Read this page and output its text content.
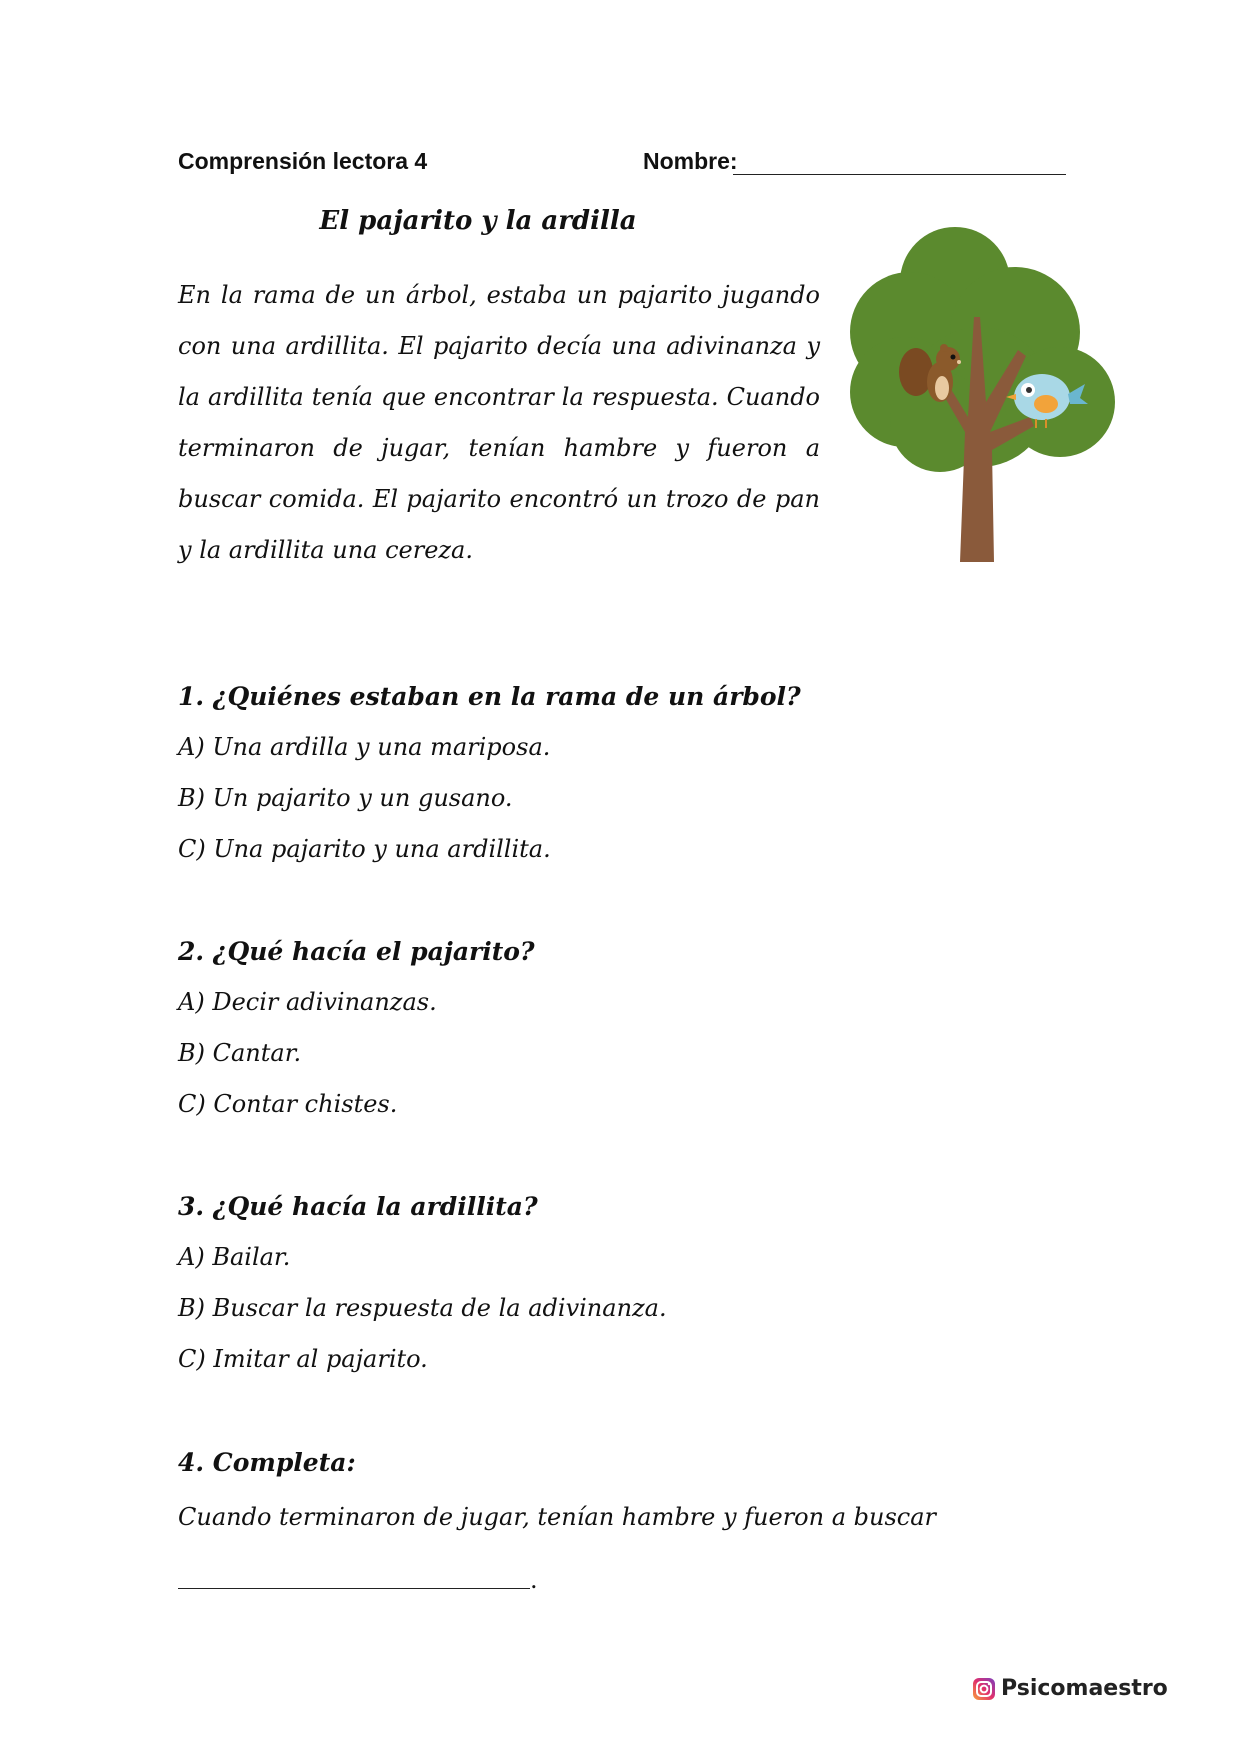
Comprensión lectora 4	Nombre:
El pajarito y la ardilla

En la rama de un árbol, estaba un pajarito jugando con una ardillita. El pajarito decía una adivinanza y la ardillita tenía que encontrar la respuesta. Cuando terminaron de jugar, tenían hambre y fueron a buscar comida. El pajarito encontró un trozo de pan y la ardillita una cereza.

1. ¿Quiénes estaban en la rama de un árbol?

A) Una ardilla y una mariposa.

B) Un pajarito y un gusano.

C) Una pajarito y una ardillita.

2. ¿Qué hacía el pajarito?

A) Decir adivinanzas.

B) Cantar.

C) Contar chistes.

3. ¿Qué hacía la ardillita?

A) Bailar.

B) Buscar la respuesta de la adivinanza.

C) Imitar al pajarito.

4. Completa:

Cuando terminaron de jugar, tenían hambre y fueron a buscar
.
Psicomaestro
